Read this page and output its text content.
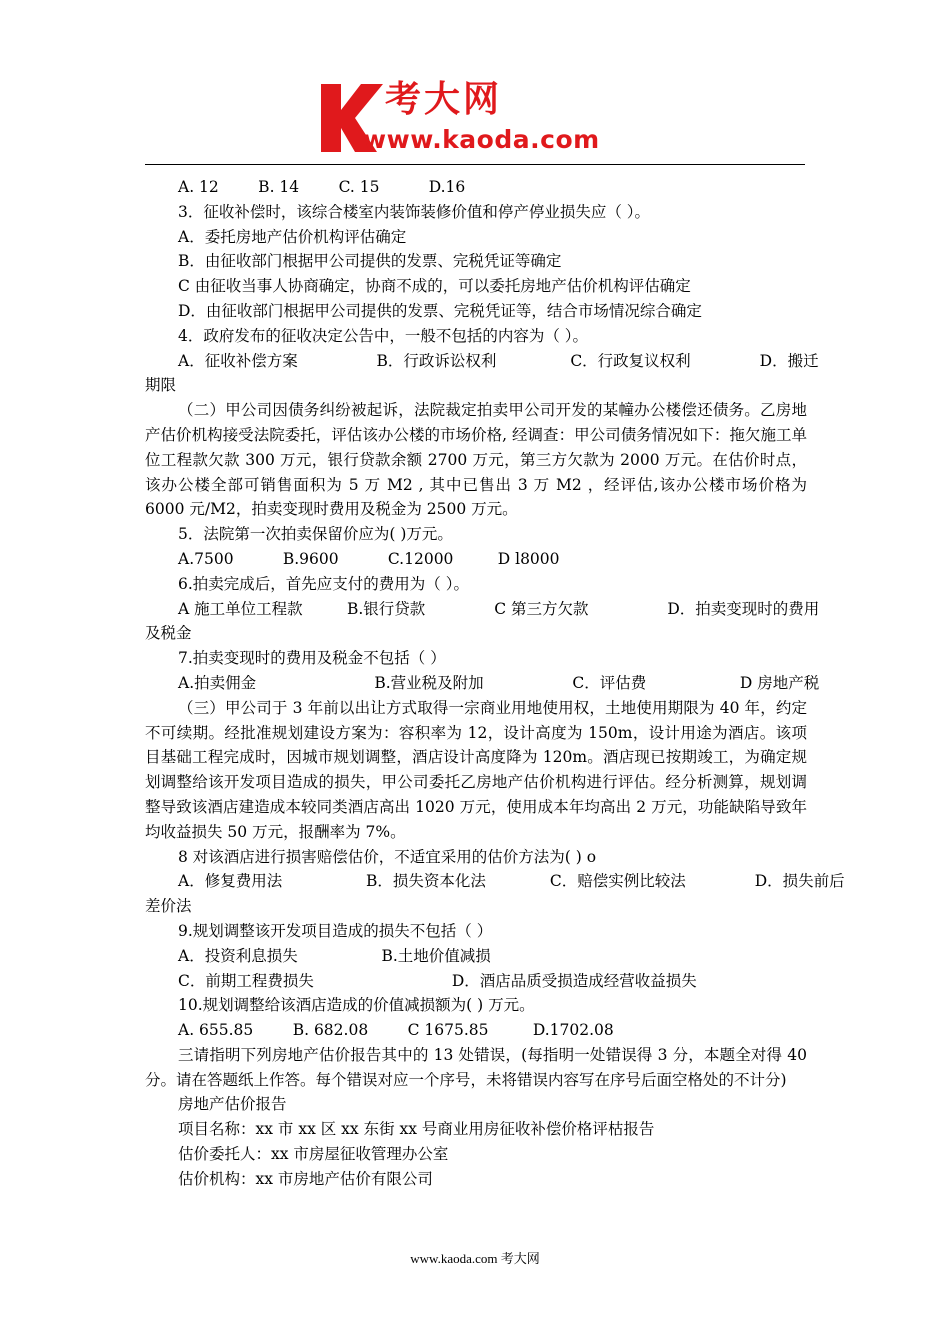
考大网
www.kaoda.com
A. 12        B. 14        C. 15          D.16

3．征收补偿时，该综合楼室内装饰装修价值和停产停业损失应（ ）。

A．委托房地产估价机构评估确定

B．由征收部门根据甲公司提供的发票、完税凭证等确定

C 由征收当事人协商确定，协商不成的，可以委托房地产估价机构评估确定

D．由征收部门根据甲公司提供的发票、完税凭证等，结合市场情况综合确定

4．政府发布的征收决定公告中，一般不包括的内容为（ ）。

A．征收补偿方案                B．行政诉讼权利               C．行政复议权利              D．搬迁

期限

（二）甲公司因债务纠纷被起诉，法院裁定拍卖甲公司开发的某幢办公楼偿还债务。乙房地产估价机构接受法院委托，评估该办公楼的市场价格, 经调查：甲公司债务情况如下：拖欠施工单位工程款欠款 300 万元，银行贷款余额 2700 万元，第三方欠款为 2000 万元。在估价时点，该办公楼全部可销售面积为 5 万 M2 , 其中已售出 3 万 M2 ，经评估,该办公楼市场价格为 6000 元/M2，拍卖变现时费用及税金为 2500 万元。

5．法院第一次拍卖保留价应为( )万元。

A.7500          B.9600          C.12000         D l8000

6.拍卖完成后，首先应支付的费用为（ ）。

A 施工单位工程款         B.银行贷款              C 第三方欠款                D．拍卖变现时的费用

及税金

7.拍卖变现时的费用及税金不包括（ ）

A.拍卖佣金                        B.营业税及附加                  C．评估费                   D 房地产税

（三）甲公司于 3 年前以出让方式取得一宗商业用地使用权，土地使用期限为 40 年，约定不可续期。经批准规划建设方案为：容积率为 12，设计高度为 150m，设计用途为酒店。该项目基础工程完成时，因城市规划调整，酒店设计高度降为 120m。酒店现已按期竣工，为确定规划调整给该开发项目造成的损失，甲公司委托乙房地产估价机构进行评估。经分析测算，规划调整导致该酒店建造成本较同类酒店高出 1020 万元，使用成本年均高出 2 万元，功能缺陷导致年均收益损失 50 万元，报酬率为 7%。

8 对该酒店进行损害赔偿估价，不适宜采用的估价方法为( ) o

A．修复费用法                 B．损失资本化法             C．赔偿实例比较法              D．损失前后

差价法

9.规划调整该开发项目造成的损失不包括（ ）

A．投资利息损失                 B.土地价值减损
C．前期工程费损失                            D．酒店品质受损造成经营收益损失

10.规划调整给该酒店造成的价值减损额为( ) 万元。

A. 655.85        B. 682.08        C 1675.85         D.1702.08

三请指明下列房地产估价报告其中的 13 处错误，(每指明一处错误得 3 分，本题全对得 40 分。请在答题纸上作答。每个错误对应一个序号，未将错误内容写在序号后面空格处的不计分)

房地产估价报告

项目名称：xx 市 xx 区 xx 东街 xx 号商业用房征收补偿价格评枯报告

估价委托人：xx 市房屋征收管理办公室

估价机构：xx 市房地产估价有限公司

www.kaoda.com 考大网
